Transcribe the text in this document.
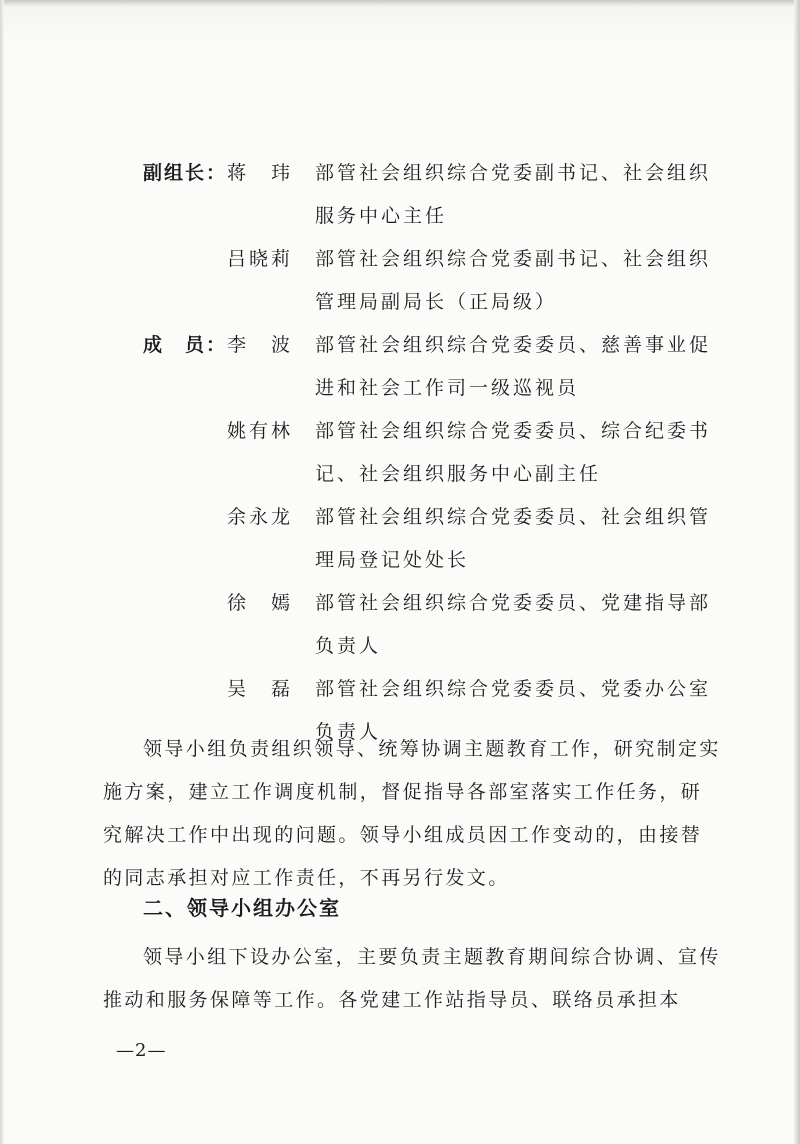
副组长： 蒋　玮	部管社会组织综合党委副书记、社会组织服务中心主任
吕晓莉	部管社会组织综合党委副书记、社会组织管理局副局长（正局级）
成　员： 李　波	部管社会组织综合党委委员、慈善事业促进和社会工作司一级巡视员
姚有林	部管社会组织综合党委委员、综合纪委书记、社会组织服务中心副主任
余永龙	部管社会组织综合党委委员、社会组织管理局登记处处长
徐　嫣	部管社会组织综合党委委员、党建指导部负责人
吴　磊	部管社会组织综合党委委员、党委办公室负责人

领导小组负责组织领导、统筹协调主题教育工作，研究制定实施方案，建立工作调度机制，督促指导各部室落实工作任务，研究解决工作中出现的问题。领导小组成员因工作变动的，由接替的同志承担对应工作责任，不再另行发文。

二、领导小组办公室

领导小组下设办公室，主要负责主题教育期间综合协调、宣传推动和服务保障等工作。各党建工作站指导员、联络员承担本

—2—
